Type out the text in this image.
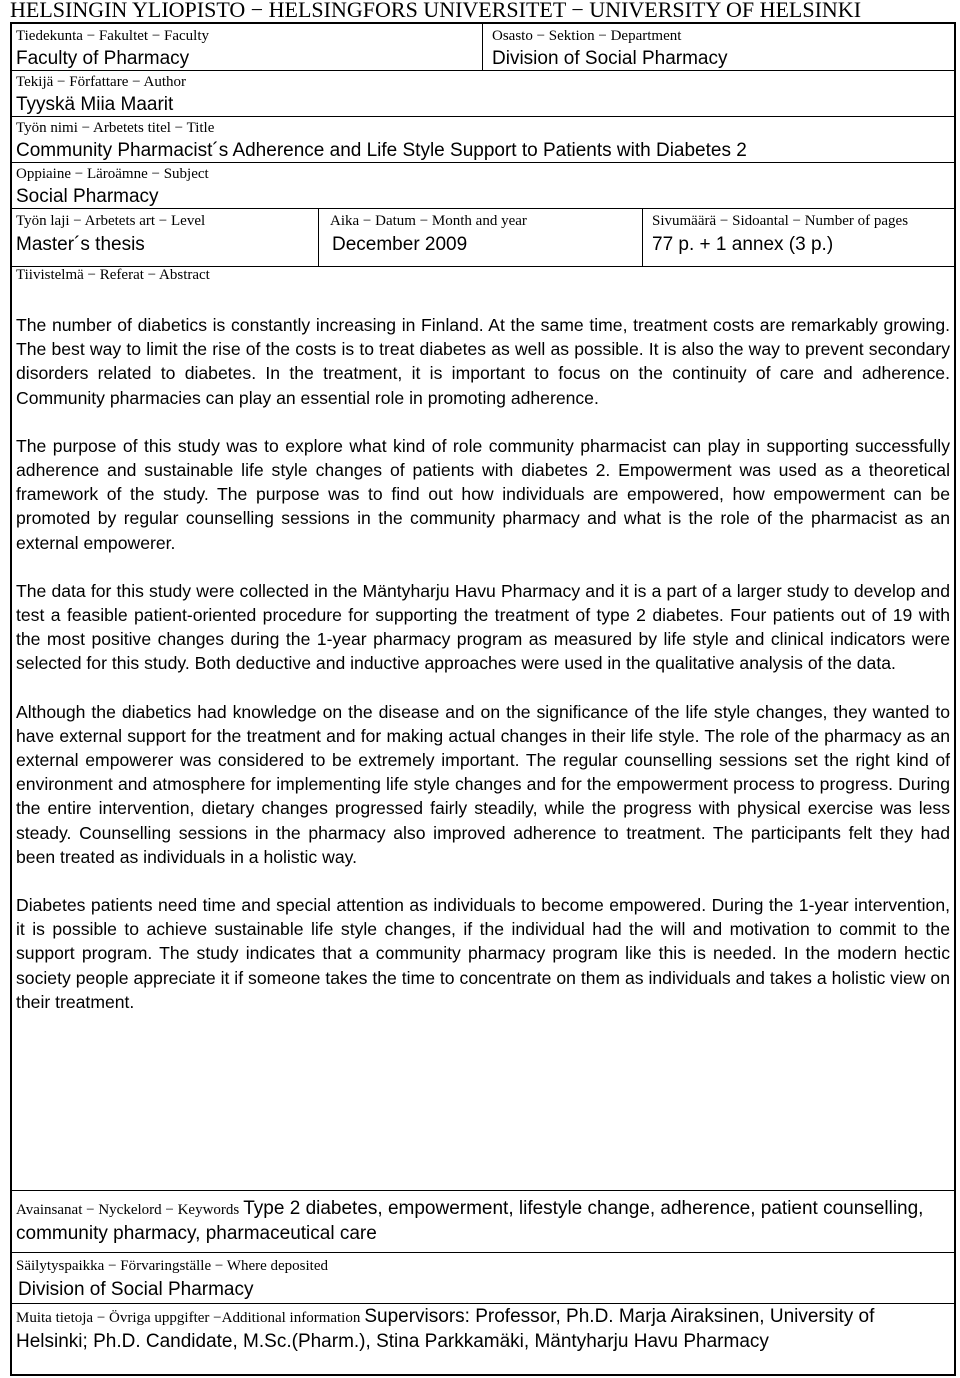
HELSINGIN YLIOPISTO − HELSINGFORS UNIVERSITET − UNIVERSITY OF HELSINKI
Tiedekunta − Fakultet − Faculty
Faculty of Pharmacy
Osasto − Sektion − Department
Division of Social Pharmacy
Tekijä − Författare − Author
Tyyskä Miia Maarit
Työn nimi − Arbetets titel − Title
Community Pharmacist´s Adherence and Life Style Support to Patients with Diabetes 2
Oppiaine − Läroämne − Subject
Social Pharmacy
Työn laji − Arbetets art − Level
Master´s thesis
Aika − Datum − Month and year
December 2009
Sivumäärä − Sidoantal − Number of pages
77 p. + 1 annex (3 p.)
Tiivistelmä − Referat − Abstract

The number of diabetics is constantly increasing in Finland. At the same time, treatment costs are remarkably growing. The best way to limit the rise of the costs is to treat diabetes as well as possible. It is also the way to prevent secondary disorders related to diabetes. In the treatment, it is important to focus on the continuity of care and adherence. Community pharmacies can play an essential role in promoting adherence.

The purpose of this study was to explore what kind of role community pharmacist can play in supporting successfully adherence and sustainable life style changes of patients with diabetes 2. Empowerment was used as a theoretical framework of the study. The purpose was to find out how individuals are empowered, how empowerment can be promoted by regular counselling sessions in the community pharmacy and what is the role of the pharmacist as an external empowerer.

The data for this study were collected in the Mäntyharju Havu Pharmacy and it is a part of a larger study to develop and test a feasible patient-oriented procedure for supporting the treatment of type 2 diabetes. Four patients out of 19 with the most positive changes during the 1-year pharmacy program as measured by life style and clinical indicators were selected for this study. Both deductive and inductive approaches were used in the qualitative analysis of the data.

Although the diabetics had knowledge on the disease and on the significance of the life style changes, they wanted to have external support for the treatment and for making actual changes in their life style. The role of the pharmacy as an external empowerer was considered to be extremely important. The regular counselling sessions set the right kind of environment and atmosphere for implementing life style changes and for the empowerment process to progress. During the entire intervention, dietary changes progressed fairly steadily, while the progress with physical exercise was less steady. Counselling sessions in the pharmacy also improved adherence to treatment. The participants felt they had been treated as individuals in a holistic way.

Diabetes patients need time and special attention as individuals to become empowered. During the 1-year intervention, it is possible to achieve sustainable life style changes, if the individual had the will and motivation to commit to the support program. The study indicates that a community pharmacy program like this is needed. In the modern hectic society people appreciate it if someone takes the time to concentrate on them as individuals and takes a holistic view on their treatment.

Avainsanat − Nyckelord − Keywords Type 2 diabetes, empowerment, lifestyle change, adherence, patient counselling, community pharmacy, pharmaceutical care
Säilytyspaikka − Förvaringställe − Where deposited
Division of Social Pharmacy
Muita tietoja − Övriga uppgifter −Additional information Supervisors: Professor, Ph.D. Marja Airaksinen, University of Helsinki; Ph.D. Candidate, M.Sc.(Pharm.), Stina Parkkamäki, Mäntyharju Havu Pharmacy
